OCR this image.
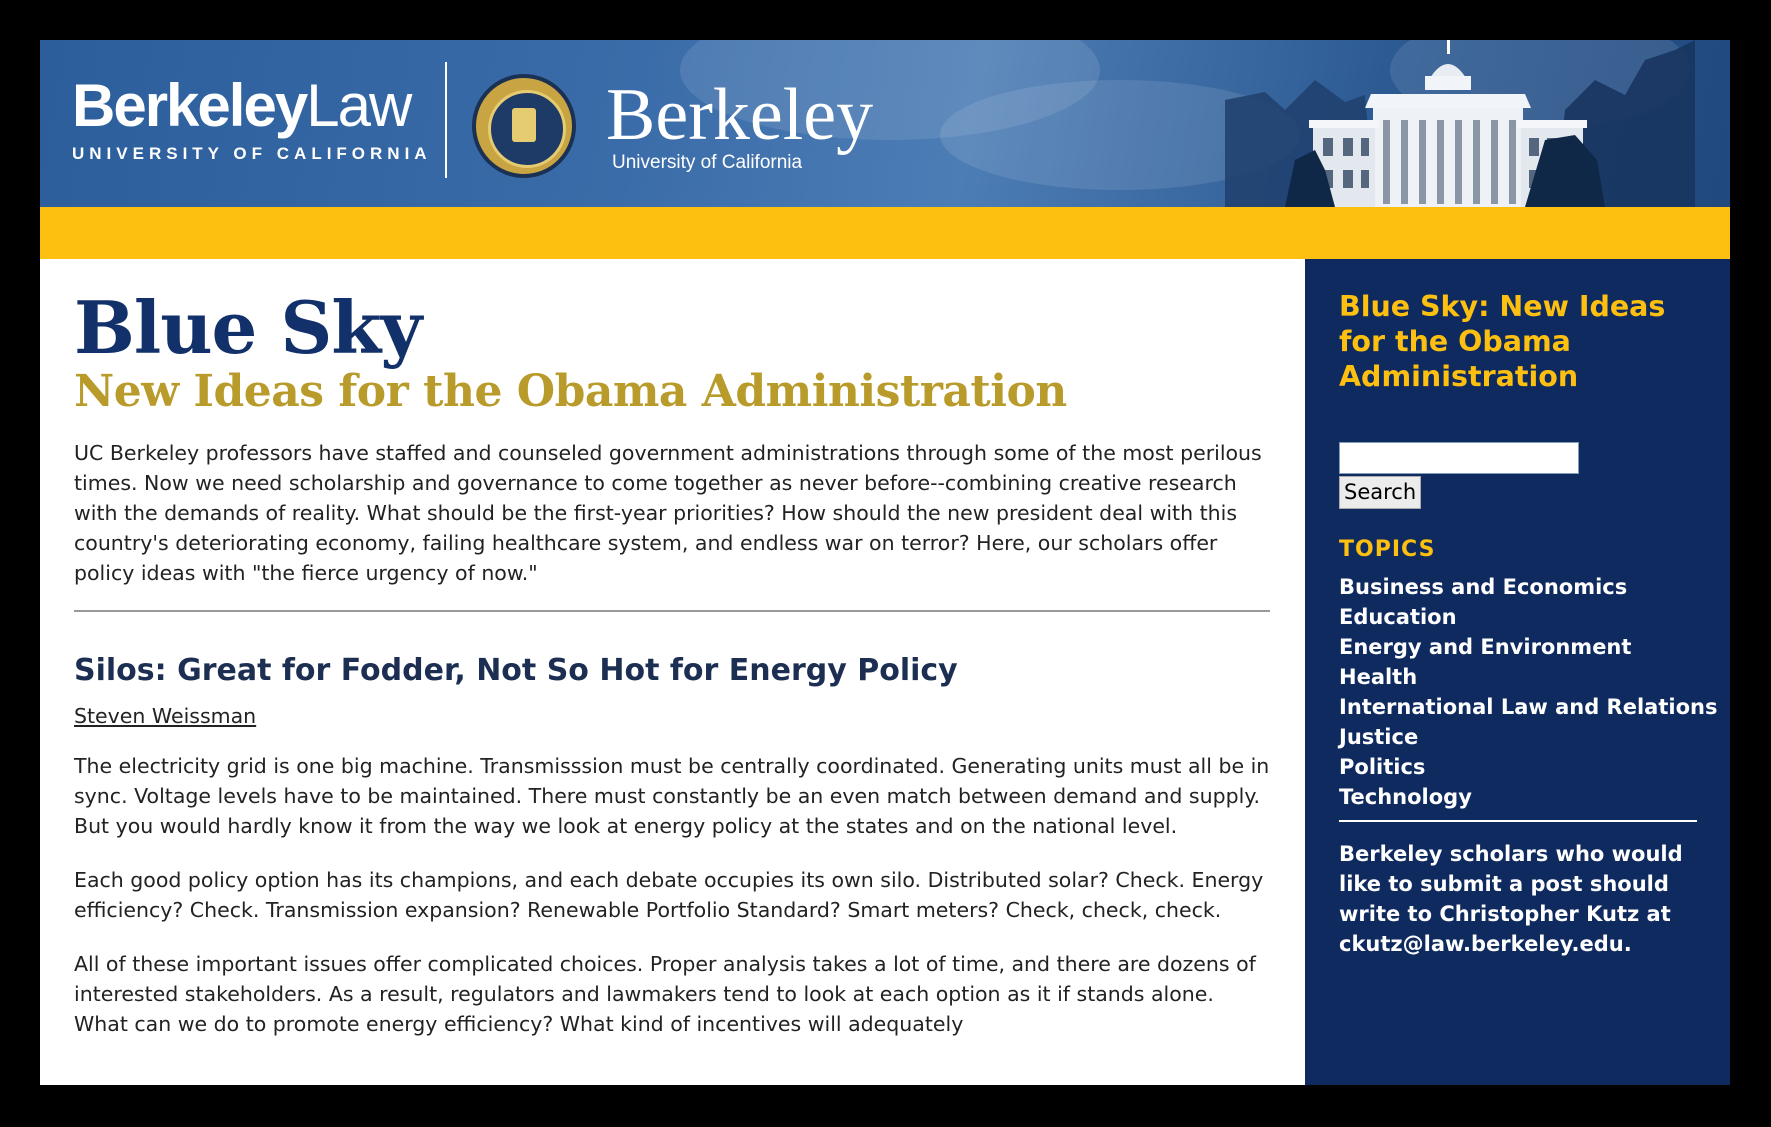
BerkeleyLaw
UNIVERSITY OF CALIFORNIA Berkeley
University of California
Blue Sky
New Ideas for the Obama Administration

UC Berkeley professors have staffed and counseled government administrations through some of the most perilous times. Now we need scholarship and governance to come together as never before--combining creative research with the demands of reality. What should be the first-year priorities? How should the new president deal with this country's deteriorating economy, failing healthcare system, and endless war on terror? Here, our scholars offer policy ideas with "the fierce urgency of now."

Silos: Great for Fodder, Not So Hot for Energy Policy
Steven Weissman

The electricity grid is one big machine. Transmisssion must be centrally coordinated. Generating units must all be in sync. Voltage levels have to be maintained. There must constantly be an even match between demand and supply. But you would hardly know it from the way we look at energy policy at the states and on the national level.

Each good policy option has its champions, and each debate occupies its own silo. Distributed solar? Check. Energy efficiency? Check. Transmission expansion? Renewable Portfolio Standard? Smart meters? Check, check, check.

All of these important issues offer complicated choices. Proper analysis takes a lot of time, and there are dozens of interested stakeholders. As a result, regulators and lawmakers tend to look at each option as it if stands alone. What can we do to promote energy efficiency? What kind of incentives will adequately

Blue Sky: New Ideas for the Obama Administration
Search
TOPICS
Business and Economics
Education
Energy and Environment
Health
International Law and Relations
Justice
Politics
Technology

Berkeley scholars who would like to submit a post should write to Christopher Kutz at ckutz@law.berkeley.edu.
